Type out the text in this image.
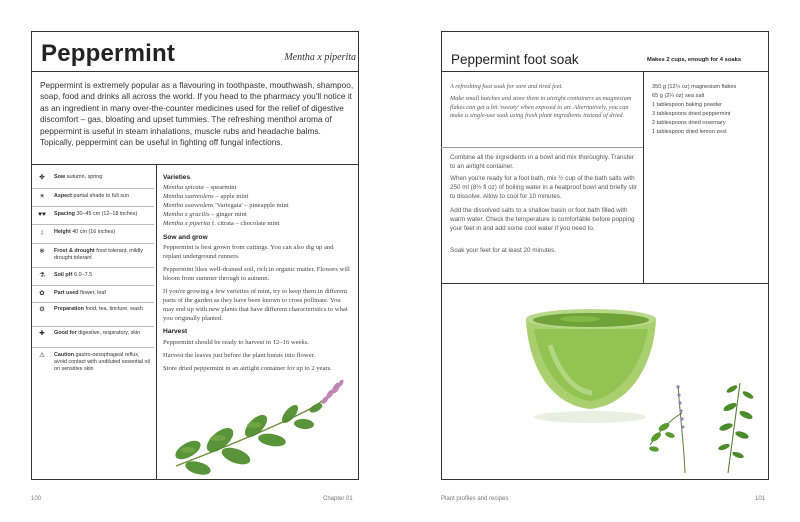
Peppermint	Mentha x piperita
Peppermint is extremely popular as a flavouring in toothpaste, mouthwash, shampoo, soap, food and drinks all across the world. If you head to the pharmacy you'll notice it as an ingredient in many over-the-counter medicines used for the relief of digestive discomfort – gas, bloating and upset tummies. The refreshing menthol aroma of peppermint is useful in steam inhalations, muscle rubs and headache balms. Topically, peppermint can be useful in fighting off fungal infections.
✤	Sow autumn, spring
☀	Aspect partial shade to full sun
♥♥	Spacing 30–45 cm (12–18 inches)
↨	Height 40 cm (16 inches)
❄	Frost & drought frost tolerant, mildly drought tolerant
⚗	Soil pH 6.0–7.5
✿	Part used flower, leaf
⚙	Preparation food, tea, tincture, wash
✚	Good for digestive, respiratory, skin
⚠	Caution gastro-oesophageal reflux, avoid contact with undiluted essential oil on sensitive skin
Varieties
Mentha spicata – spearmint
Mentha suaveolens – apple mint
Mentha suaveolens 'Variegata' – pineapple mint
Mentha x gracilis – ginger mint
Mentha x piperita f. citrata – chocolate mint
Sow and grow
Peppermint is best grown from cuttings. You can also dig up and replant underground runners.
Peppermint likes well-drained soil, rich in organic matter. Flowers will bloom from summer through to autumn.
If you're growing a few varieties of mint, try to keep them in different parts of the garden as they have been known to cross pollinate. You may end up with new plants that have different characteristics to what you originally planted.
Harvest
Peppermint should be ready to harvest in 12–16 weeks.
Harvest the leaves just before the plant bursts into flower.
Store dried peppermint in an airtight container for up to 2 years.
100	Chapter 01
Peppermint foot soak	Makes 2 cups, enough for 4 soaks
A refreshing foot soak for sore and tired feet.
Make small batches and store them in airtight containers as magnesium flakes can get a bit 'sweaty' when exposed to air. Alternatively, you can make a single-use soak using fresh plant ingredients instead of dried.
350 g (12¼ oz) magnesium flakes
65 g (2¼ oz) sea salt
1 tablespoon baking powder
3 tablespoons dried peppermint
2 tablespoons dried rosemary
1 tablespoon dried lemon zest
Combine all the ingredients in a bowl and mix thoroughly. Transfer to an airtight container.
When you're ready for a foot bath, mix ½ cup of the bath salts with 250 ml (8½ fl oz) of boiling water in a heatproof bowl and briefly stir to dissolve. Allow to cool for 10 minutes.
Add the dissolved salts to a shallow basin or foot bath filled with warm water. Check the temperature is comfortable before popping your feet in and add some cool water if you need to.
Soak your feet for at least 20 minutes.
Plant profiles and recipes	101
